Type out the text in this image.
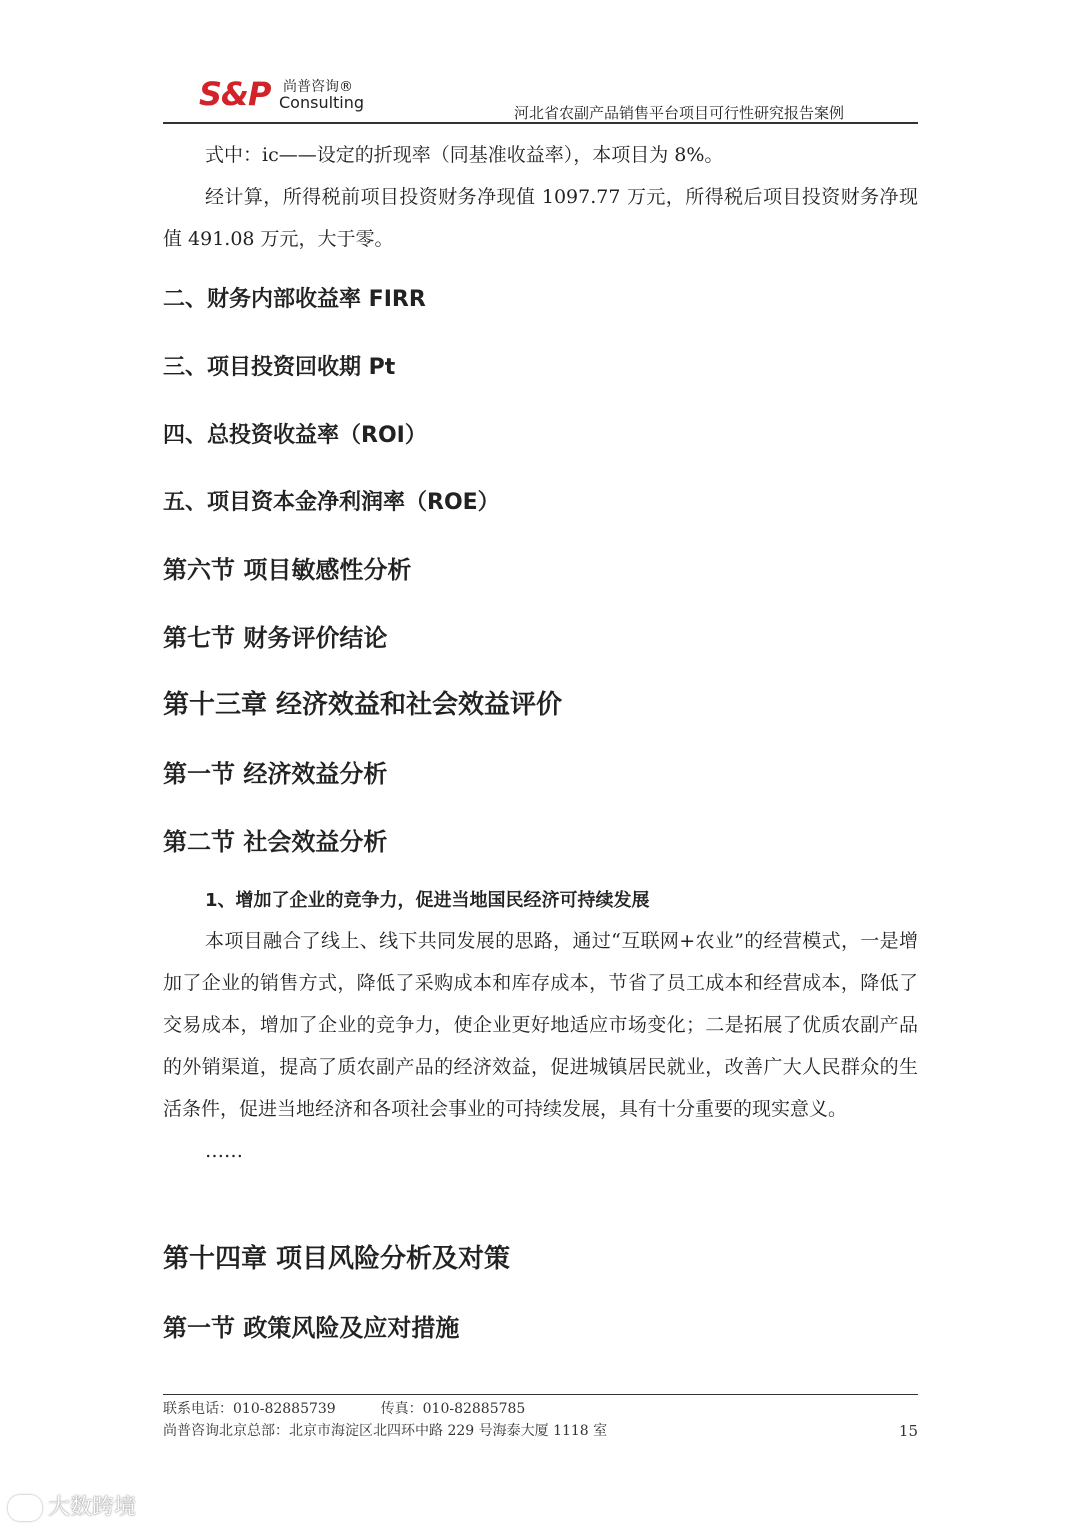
S&P 尚普咨询®
Consulting
河北省农副产品销售平台项目可行性研究报告案例

式中：ic——设定的折现率（同基准收益率），本项目为 8%。

经计算，所得税前项目投资财务净现值 1097.77 万元，所得税后项目投资财务净现值 491.08 万元，大于零。

二、财务内部收益率 FIRR
三、项目投资回收期 Pt
四、总投资收益率（ROI）
五、项目资本金净利润率（ROE）
第六节 项目敏感性分析
第七节 财务评价结论
第十三章 经济效益和社会效益评价
第一节 经济效益分析
第二节 社会效益分析
1、增加了企业的竞争力，促进当地国民经济可持续发展

本项目融合了线上、线下共同发展的思路，通过“互联网+农业”的经营模式，一是增加了企业的销售方式，降低了采购成本和库存成本，节省了员工成本和经营成本，降低了交易成本，增加了企业的竞争力，使企业更好地适应市场变化；二是拓展了优质农副产品的外销渠道，提高了质农副产品的经济效益，促进城镇居民就业，改善广大人民群众的生活条件，促进当地经济和各项社会事业的可持续发展，具有十分重要的现实意义。

……

第十四章 项目风险分析及对策
第一节 政策风险及应对措施
联系电话：010-82885739	传真：010-82885785
尚普咨询北京总部：北京市海淀区北四环中路 229 号海泰大厦 1118 室	15
大数跨境
